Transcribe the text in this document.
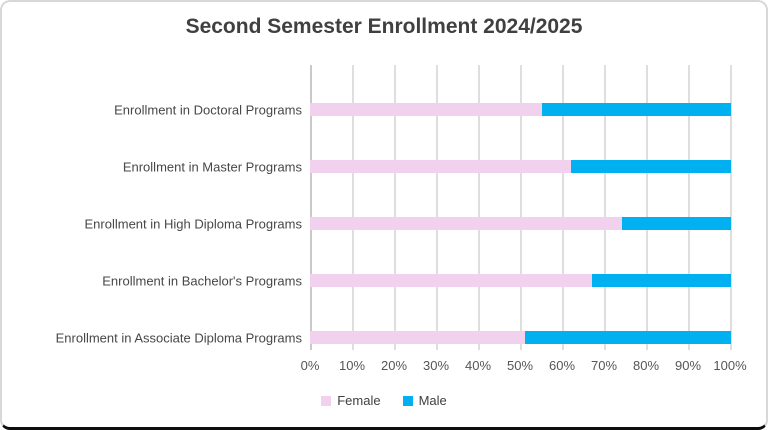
Second Semester Enrollment 2024/2025
Enrollment in Doctoral Programs
Enrollment in Master Programs
Enrollment in High Diploma Programs
Enrollment in Bachelor's Programs
Enrollment in Associate Diploma Programs
0%	10%	20%	30%	40%	50%	60%	70%	80%	90% 100%
Female	Male
